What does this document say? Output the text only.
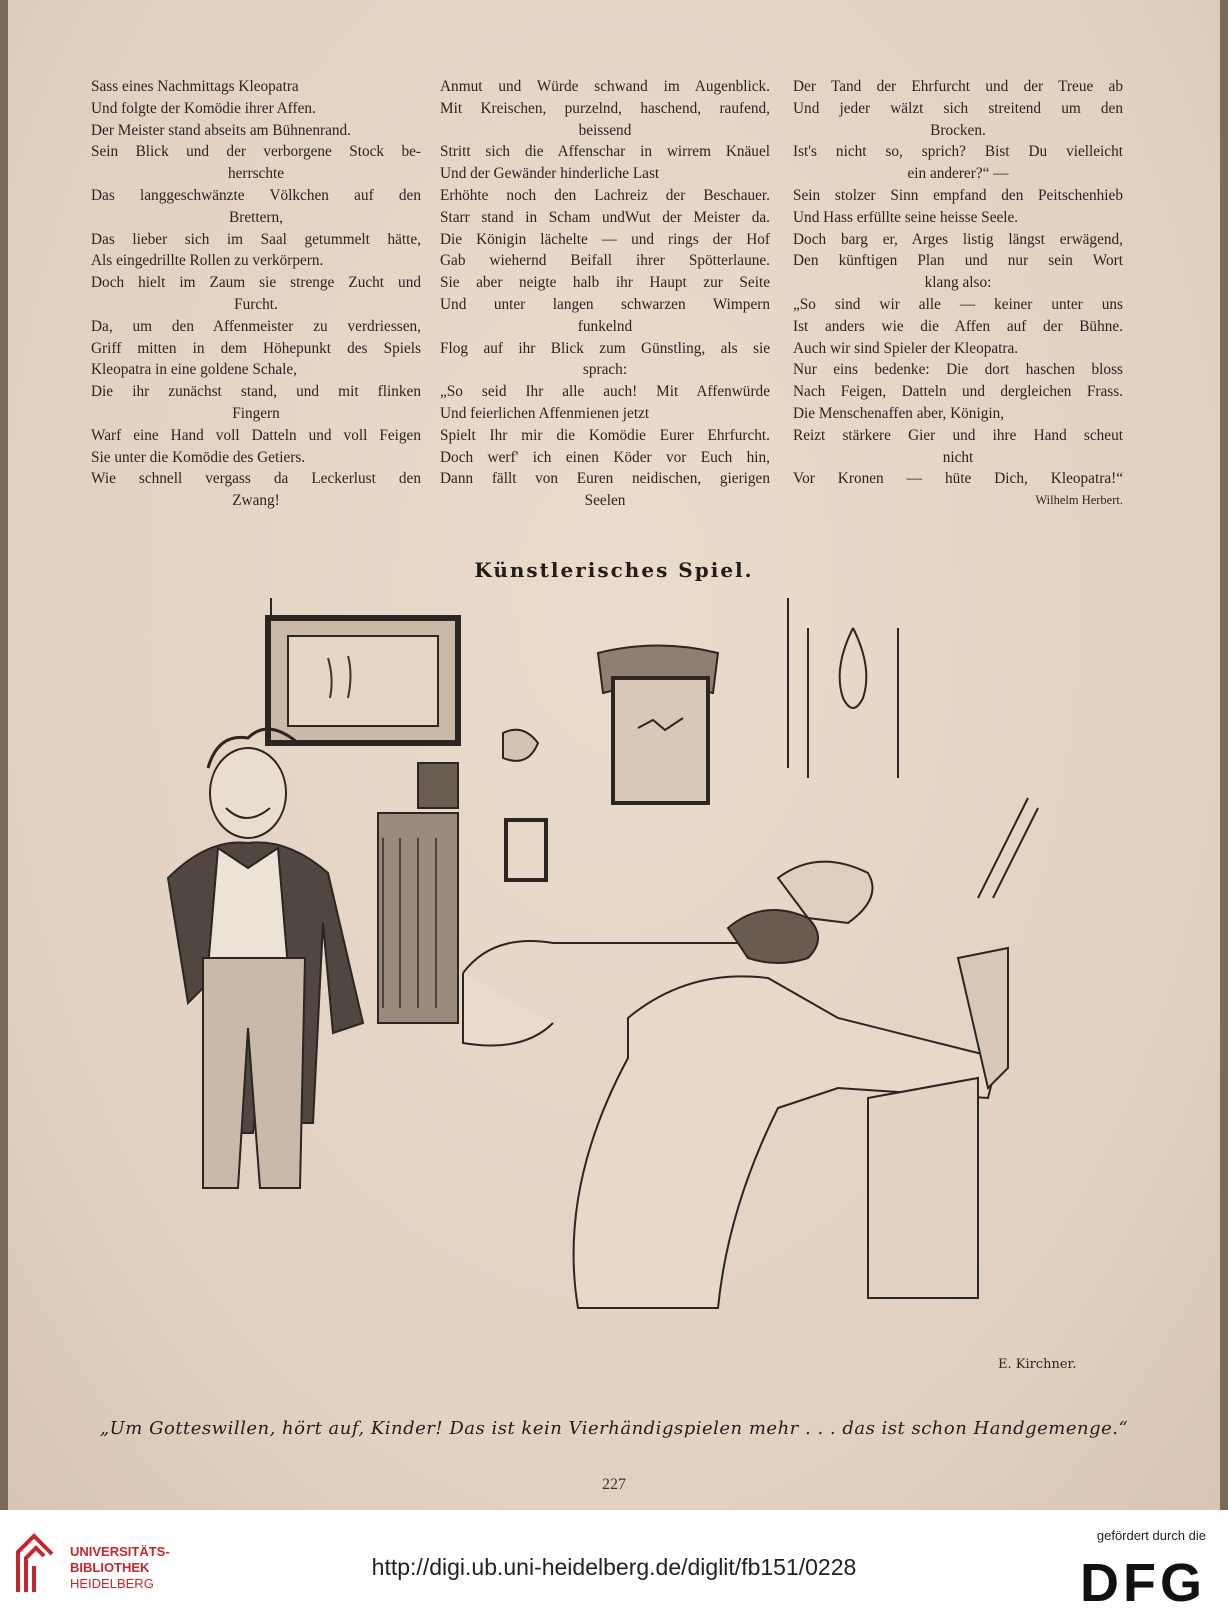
Sass eines Nachmittags Kleopatra
Und folgte der Komödie ihrer Affen.
Der Meister stand abseits am Bühnenrand.
Sein Blick und der verborgene Stock be-
herrschte
Das langgeschwänzte Völkchen auf den
Brettern,
Das lieber sich im Saal getummelt hätte,
Als eingedrillte Rollen zu verkörpern.
Doch hielt im Zaum sie strenge Zucht und
Furcht.
Da, um den Affenmeister zu verdriessen,
Griff mitten in dem Höhepunkt des Spiels
Kleopatra in eine goldene Schale,
Die ihr zunächst stand, und mit flinken
Fingern
Warf eine Hand voll Datteln und voll Feigen
Sie unter die Komödie des Getiers.
Wie schnell vergass da Leckerlust den
Zwang!
Anmut und Würde schwand im Augenblick.
Mit Kreischen, purzelnd, haschend, raufend,
beissend
Stritt sich die Affenschar in wirrem Knäuel
Und der Gewänder hinderliche Last
Erhöhte noch den Lachreiz der Beschauer.
Starr stand in Scham undWut der Meister da.
Die Königin lächelte — und rings der Hof
Gab wiehernd Beifall ihrer Spötterlaune.
Sie aber neigte halb ihr Haupt zur Seite
Und unter langen schwarzen Wimpern
funkelnd
Flog auf ihr Blick zum Günstling, als sie
sprach:
„So seid Ihr alle auch! Mit Affenwürde
Und feierlichen Affenmienen jetzt
Spielt Ihr mir die Komödie Eurer Ehrfurcht.
Doch werf' ich einen Köder vor Euch hin,
Dann fällt von Euren neidischen, gierigen
Seelen
Der Tand der Ehrfurcht und der Treue ab
Und jeder wälzt sich streitend um den
Brocken.
Ist's nicht so, sprich? Bist Du vielleicht
ein anderer?“ —
Sein stolzer Sinn empfand den Peitschenhieb
Und Hass erfüllte seine heisse Seele.
Doch barg er, Arges listig längst erwägend,
Den künftigen Plan und nur sein Wort
klang also:
„So sind wir alle — keiner unter uns
Ist anders wie die Affen auf der Bühne.
Auch wir sind Spieler der Kleopatra.
Nur eins bedenke: Die dort haschen bloss
Nach Feigen, Datteln und dergleichen Frass.
Die Menschenaffen aber, Königin,
Reizt stärkere Gier und ihre Hand scheut
nicht
Vor Kronen — hüte Dich, Kleopatra!“
Wilhelm Herbert.
Künstlerisches Spiel.
E. Kirchner.
„Um Gotteswillen, hört auf, Kinder! Das ist kein Vierhändigspielen mehr . . . das ist schon Handgemenge.“
227
UNIVERSITÄTS-
BIBLIOTHEK
HEIDELBERG
http://digi.ub.uni-heidelberg.de/diglit/fb151/0228
gefördert durch die
DFG
